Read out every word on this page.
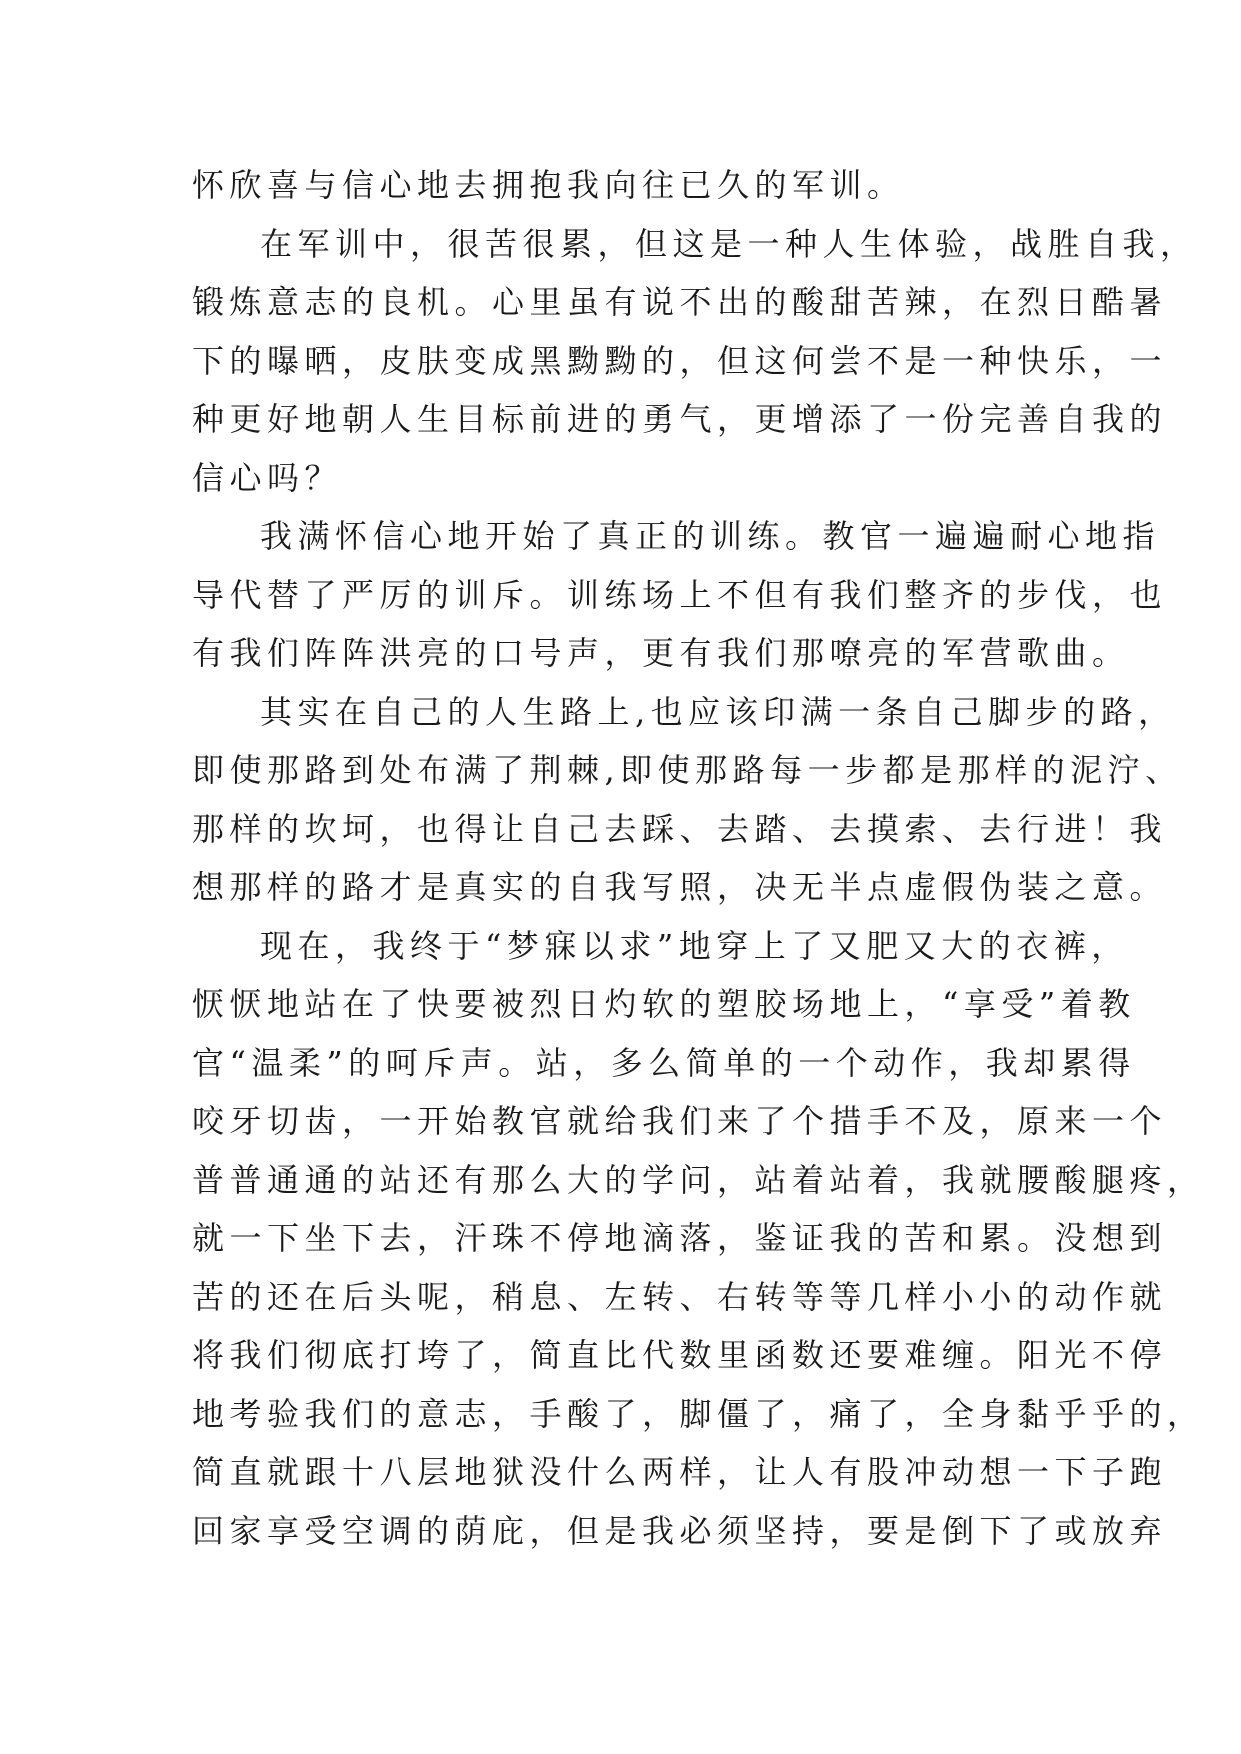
怀欣喜与信心地去拥抱我向往已久的军训。
在军训中，很苦很累，但这是一种人生体验，战胜自我，
锻炼意志的良机。心里虽有说不出的酸甜苦辣，在烈日酷暑
下的曝晒，皮肤变成黑黝黝的，但这何尝不是一种快乐，一
种更好地朝人生目标前进的勇气，更增添了一份完善自我的
信心吗？
我满怀信心地开始了真正的训练。教官一遍遍耐心地指
导代替了严厉的训斥。训练场上不但有我们整齐的步伐，也
有我们阵阵洪亮的口号声，更有我们那嘹亮的军营歌曲。
其实在自己的人生路上,也应该印满一条自己脚步的路，
即使那路到处布满了荆棘,即使那路每一步都是那样的泥泞、
那样的坎坷，也得让自己去踩、去踏、去摸索、去行进！我
想那样的路才是真实的自我写照，决无半点虚假伪装之意。
现在，我终于“梦寐以求”地穿上了又肥又大的衣裤，
恹恹地站在了快要被烈日灼软的塑胶场地上，“享受”着教
官“温柔”的呵斥声。站，多么简单的一个动作，我却累得
咬牙切齿，一开始教官就给我们来了个措手不及，原来一个
普普通通的站还有那么大的学问，站着站着，我就腰酸腿疼，
就一下坐下去，汗珠不停地滴落，鉴证我的苦和累。没想到
苦的还在后头呢，稍息、左转、右转等等几样小小的动作就
将我们彻底打垮了，简直比代数里函数还要难缠。阳光不停
地考验我们的意志，手酸了，脚僵了，痛了，全身黏乎乎的，
简直就跟十八层地狱没什么两样，让人有股冲动想一下子跑
回家享受空调的荫庇，但是我必须坚持，要是倒下了或放弃
